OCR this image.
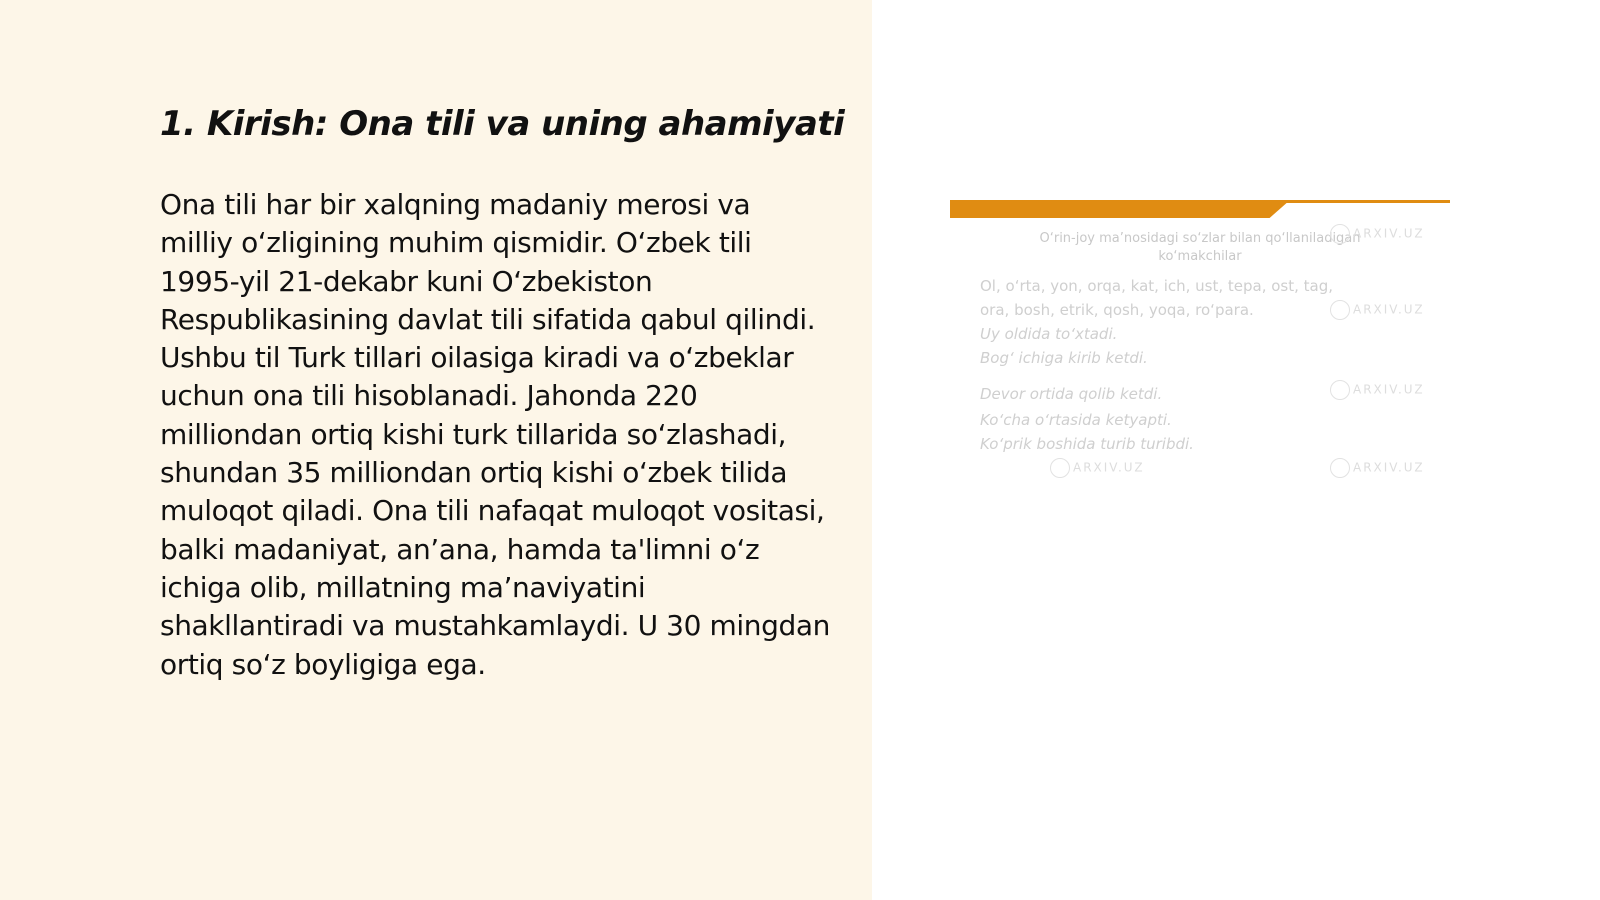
1. Kirish: Ona tili va uning ahamiyati

Ona tili har bir xalqning madaniy merosi va milliy o‘zligining muhim qismidir. O‘zbek tili 1995-yil 21-dekabr kuni O‘zbekiston Respublikasining davlat tili sifatida qabul qilindi. Ushbu til Turk tillari oilasiga kiradi va o‘zbeklar uchun ona tili hisoblanadi. Jahonda 220 milliondan ortiq kishi turk tillarida so‘zlashadi, shundan 35 milliondan ortiq kishi o‘zbek tilida muloqot qiladi. Ona tili nafaqat muloqot vositasi, balki madaniyat, an’ana, hamda ta'limni o‘z ichiga olib, millatning ma’naviyatini shakllantiradi va mustahkamlaydi. U 30 mingdan ortiq so‘z boyligiga ega.

O‘rin-joy ma’nosidagi so‘zlar bilan qo‘llaniladigan
ko‘makchilar

Ol, o‘rta, yon, orqa, kat, ich, ust, tepa, ost, tag,

ora, bosh, etrik, qosh, yoqa, ro‘para.

Uy oldida to‘xtadi.

Bog‘ ichiga kirib ketdi.

Devor ortida qolib ketdi.

Ko‘cha o‘rtasida ketyapti.

Ko‘prik boshida turib turibdi.

ARXIV.UZ
ARXIV.UZ
ARXIV.UZ
ARXIV.UZ	ARXIV.UZ
